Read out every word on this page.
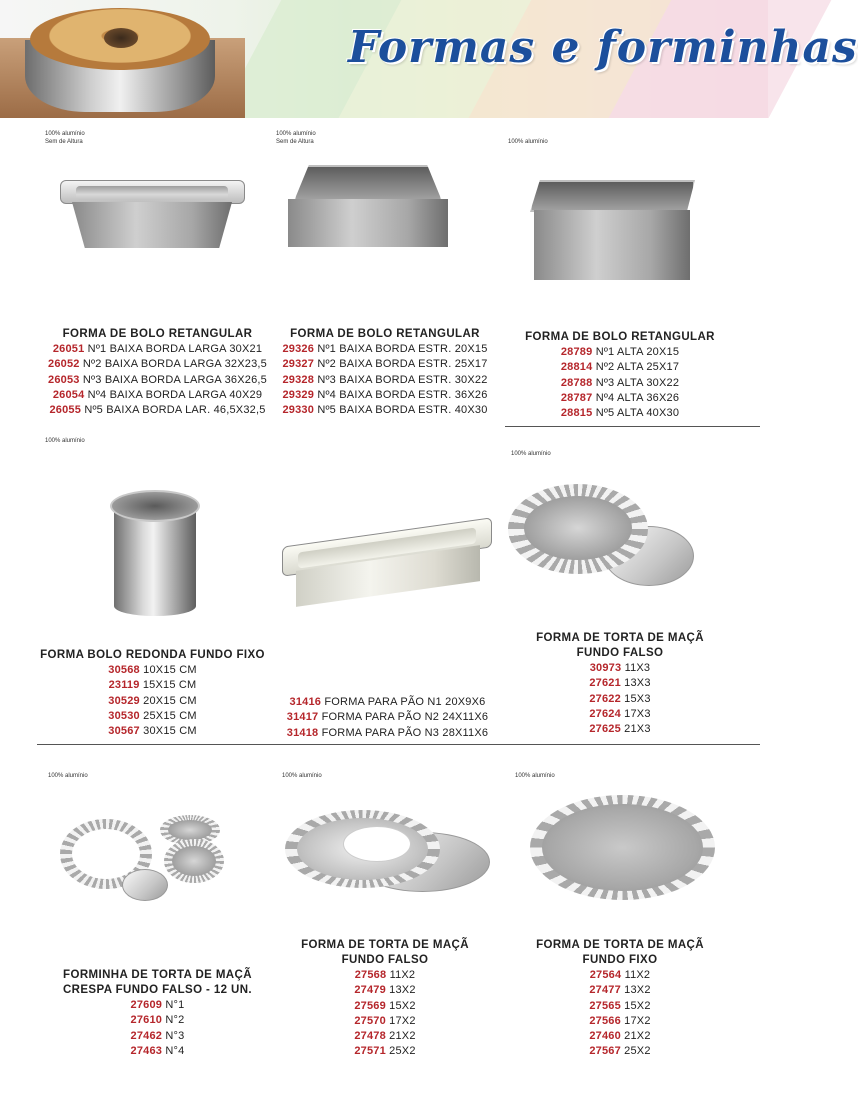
Formas e forminhas
100% alumínio
Sem de Altura
FORMA DE BOLO RETANGULAR
26051 Nº1 BAIXA BORDA LARGA 30X21
26052 Nº2 BAIXA BORDA LARGA 32X23,5
26053 Nº3 BAIXA BORDA LARGA 36X26,5
26054 Nº4 BAIXA BORDA LARGA 40X29
26055 Nº5 BAIXA BORDA LAR. 46,5X32,5
100% alumínio
Sem de Altura
FORMA DE BOLO RETANGULAR
29326 Nº1 BAIXA BORDA ESTR. 20X15
29327 Nº2 BAIXA BORDA ESTR. 25X17
29328 Nº3 BAIXA BORDA ESTR. 30X22
29329 Nº4 BAIXA BORDA ESTR. 36X26
29330 Nº5 BAIXA BORDA ESTR. 40X30
100% alumínio
FORMA DE BOLO RETANGULAR
28789 Nº1 ALTA 20X15
28814 Nº2 ALTA 25X17
28788 Nº3 ALTA 30X22
28787 Nº4 ALTA 36X26
28815 Nº5 ALTA 40X30
100% alumínio
FORMA BOLO REDONDA FUNDO FIXO
30568 10X15 CM
23119 15X15 CM
30529 20X15 CM
30530 25X15 CM
30567 30X15 CM
31416 FORMA PARA PÃO N1 20X9X6
31417 FORMA PARA PÃO N2 24X11X6
31418 FORMA PARA PÃO N3 28X11X6
100% alumínio
FORMA DE TORTA DE MAÇÃ
FUNDO FALSO
30973 11X3
27621 13X3
27622 15X3
27624 17X3
27625 21X3
100% alumínio
FORMINHA DE TORTA DE MAÇÃ
CRESPA FUNDO FALSO - 12 UN.
27609 N°1
27610 N°2
27462 N°3
27463 N°4
100% alumínio
FORMA DE TORTA DE MAÇÃ
FUNDO FALSO
27568 11X2
27479 13X2
27569 15X2
27570 17X2
27478 21X2
27571 25X2
100% alumínio
FORMA DE TORTA DE MAÇÃ
FUNDO FIXO
27564 11X2
27477 13X2
27565 15X2
27566 17X2
27460 21X2
27567 25X2
